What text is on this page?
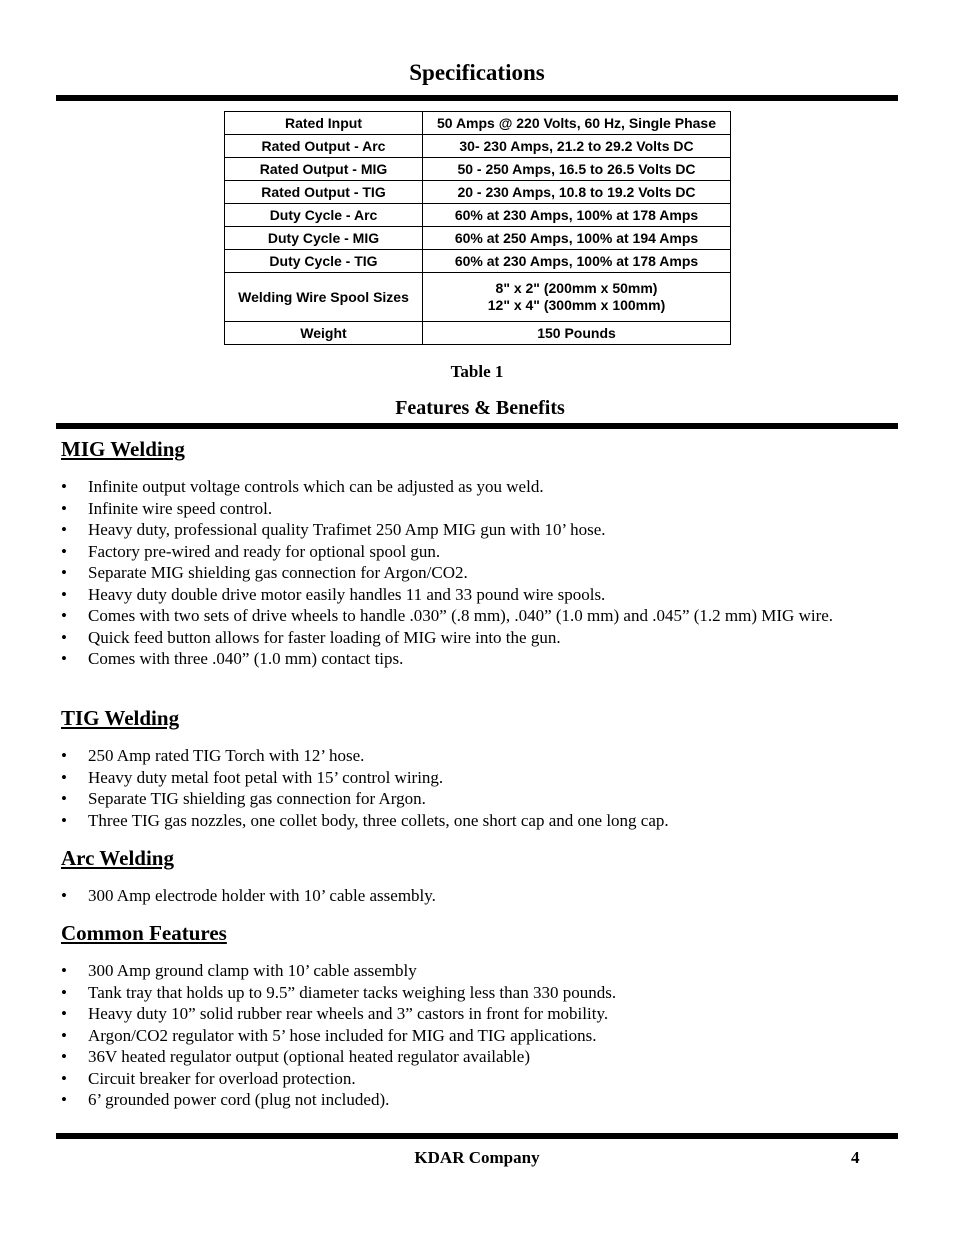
Specifications
Rated Input	50 Amps @ 220 Volts, 60 Hz, Single Phase

Rated Output - Arc	30- 230 Amps, 21.2 to 29.2 Volts DC

Rated Output - MIG	50 - 250 Amps, 16.5 to 26.5 Volts DC

Rated Output - TIG	20 - 230 Amps, 10.8 to 19.2 Volts DC

Duty Cycle - Arc	60% at 230 Amps, 100% at 178 Amps

Duty Cycle - MIG	60% at 250 Amps, 100% at 194 Amps

Duty Cycle - TIG	60% at 230 Amps, 100% at 178 Amps

Welding Wire Spool Sizes	8" x 2" (200mm x 50mm)
12" x 4" (300mm x 100mm)

Weight	150 Pounds
Table 1
Features & Benefits
MIG Welding
• Infinite output voltage controls which can be adjusted as you weld.
• Infinite wire speed control.
• Heavy duty, professional quality Trafimet 250 Amp MIG gun with 10’ hose.
• Factory pre-wired and ready for optional spool gun.
• Separate MIG shielding gas connection for Argon/CO2.
• Heavy duty double drive motor easily handles 11 and 33 pound wire spools.
• Comes with two sets of drive wheels to handle .030” (.8 mm), .040” (1.0 mm) and .045” (1.2 mm) MIG wire.
• Quick feed button allows for faster loading of MIG wire into the gun.
• Comes with three .040” (1.0 mm) contact tips.
TIG Welding
• 250 Amp rated TIG Torch with 12’ hose.
• Heavy duty metal foot petal with 15’ control wiring.
• Separate TIG shielding gas connection for Argon.
• Three TIG gas nozzles, one collet body, three collets, one short cap and one long cap.
Arc Welding
• 300 Amp electrode holder with 10’ cable assembly.
Common Features
• 300 Amp ground clamp with 10’ cable assembly
• Tank tray that holds up to 9.5” diameter tacks weighing less than 330 pounds.
• Heavy duty 10” solid rubber rear wheels and 3” castors in front for mobility.
• Argon/CO2 regulator with 5’ hose included for MIG and TIG applications.
• 36V heated regulator output (optional heated regulator available)
• Circuit breaker for overload protection.
• 6’ grounded power cord (plug not included).
KDAR Company	4
